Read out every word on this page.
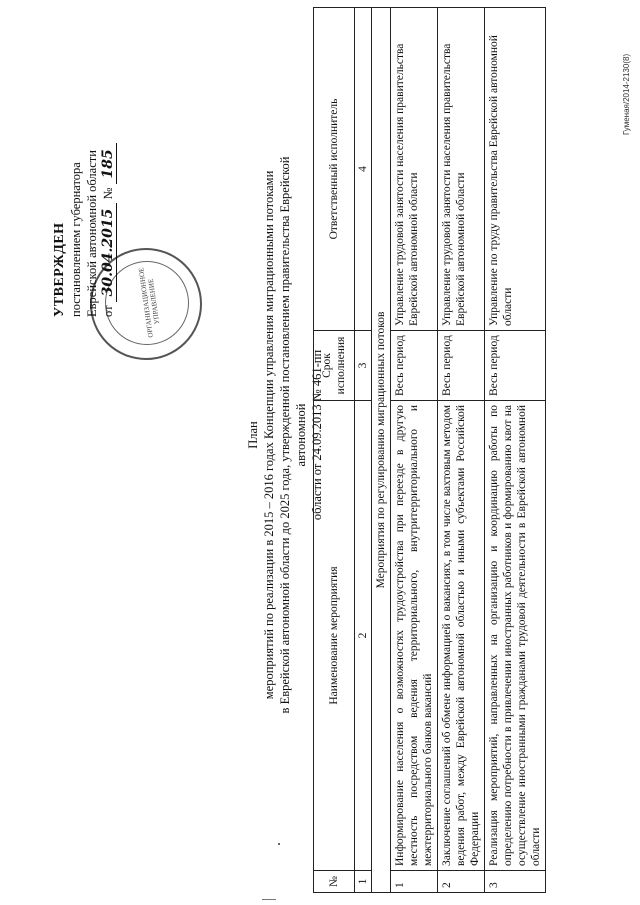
ОРГАНИЗАЦИОННОЕ УПРАВЛЕНИЕ
УТВЕРЖДЕН постановлением губернатора Еврейской автономной области от 30.04.2015 № 185
План мероприятий по реализации в 2015 – 2016 годах Концепции управления миграционными потоками в Еврейской автономной области до 2025 года, утвержденной постановлением правительства Еврейской автономной области от 24.09.2013 № 461-пп
№	Наименование мероприятия	Срок исполнения	Ответственный исполнитель
1	2	3	4
Мероприятия по регулированию миграционных потоков			
1	Информирование населения о возможностях трудоустройства при переезде в другую местность посредством ведения территориального, внутритерриториального и межтерриториального банков вакансий	Весь период	Управление трудовой занятости населения правительства Еврейской автономной области
2	Заключение соглашений об обмене информацией о вакансиях, в том числе вахтовым методом ведения работ, между Еврейской автономной областью и иными субъектами Российской Федерации	Весь период	Управление трудовой занятости населения правительства Еврейской автономной области
3	Реализация мероприятий, направленных на организацию и координацию работы по определению потребности в привлечении иностранных работников и формированию квот на осуществление иностранными гражданами трудовой деятельности в Еврейской автономной области	Весь период	Управление по труду правительства Еврейской автономной области
Гуменая/2014-2130(8)
